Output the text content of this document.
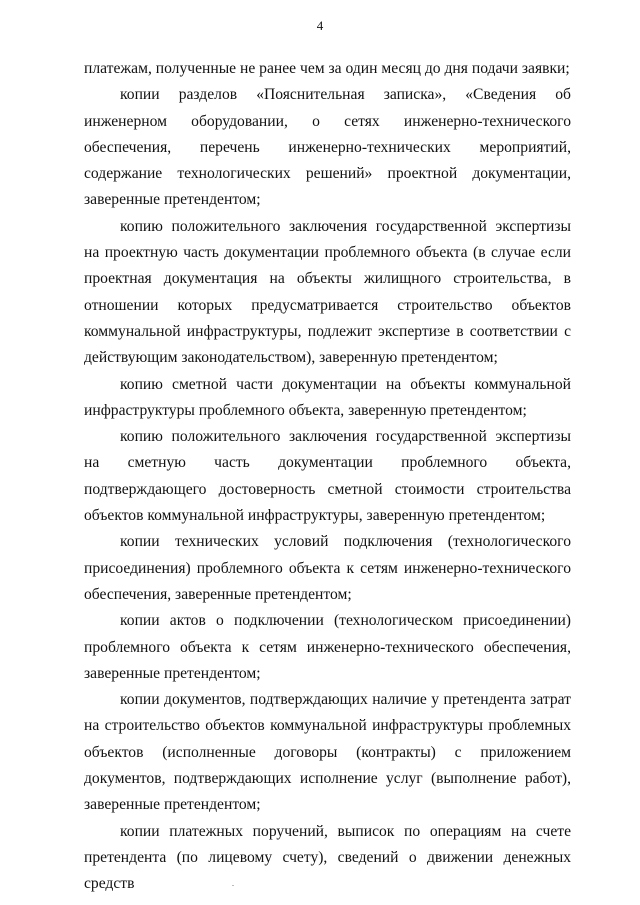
4

платежам, полученные не ранее чем за один месяц до дня подачи заявки;

копии разделов «Пояснительная записка», «Сведения об инженерном оборудовании, о сетях инженерно-технического обеспечения, перечень инженерно-технических мероприятий, содержание технологических решений» проектной документации, заверенные претендентом;

копию положительного заключения государственной экспертизы на проектную часть документации проблемного объекта (в случае если проектная документация на объекты жилищного строительства, в отношении которых предусматривается строительство объектов коммунальной инфраструктуры, подлежит экспертизе в соответствии с действующим законодательством), заверенную претендентом;

копию сметной части документации на объекты коммунальной инфраструктуры проблемного объекта, заверенную претендентом;

копию положительного заключения государственной экспертизы на сметную часть документации проблемного объекта, подтверждающего достоверность сметной стоимости строительства объектов коммунальной инфраструктуры, заверенную претендентом;

копии технических условий подключения (технологического присоединения) проблемного объекта к сетям инженерно-технического обеспечения, заверенные претендентом;

копии актов о подключении (технологическом присоединении) проблемного объекта к сетям инженерно-технического обеспечения, заверенные претендентом;

копии документов, подтверждающих наличие у претендента затрат на строительство объектов коммунальной инфраструктуры проблемных объектов (исполненные договоры (контракты) с приложением документов, подтверждающих исполнение услуг (выполнение работ), заверенные претендентом;

копии платежных поручений, выписок по операциям на счете претендента (по лицевому счету), сведений о движении денежных средств
